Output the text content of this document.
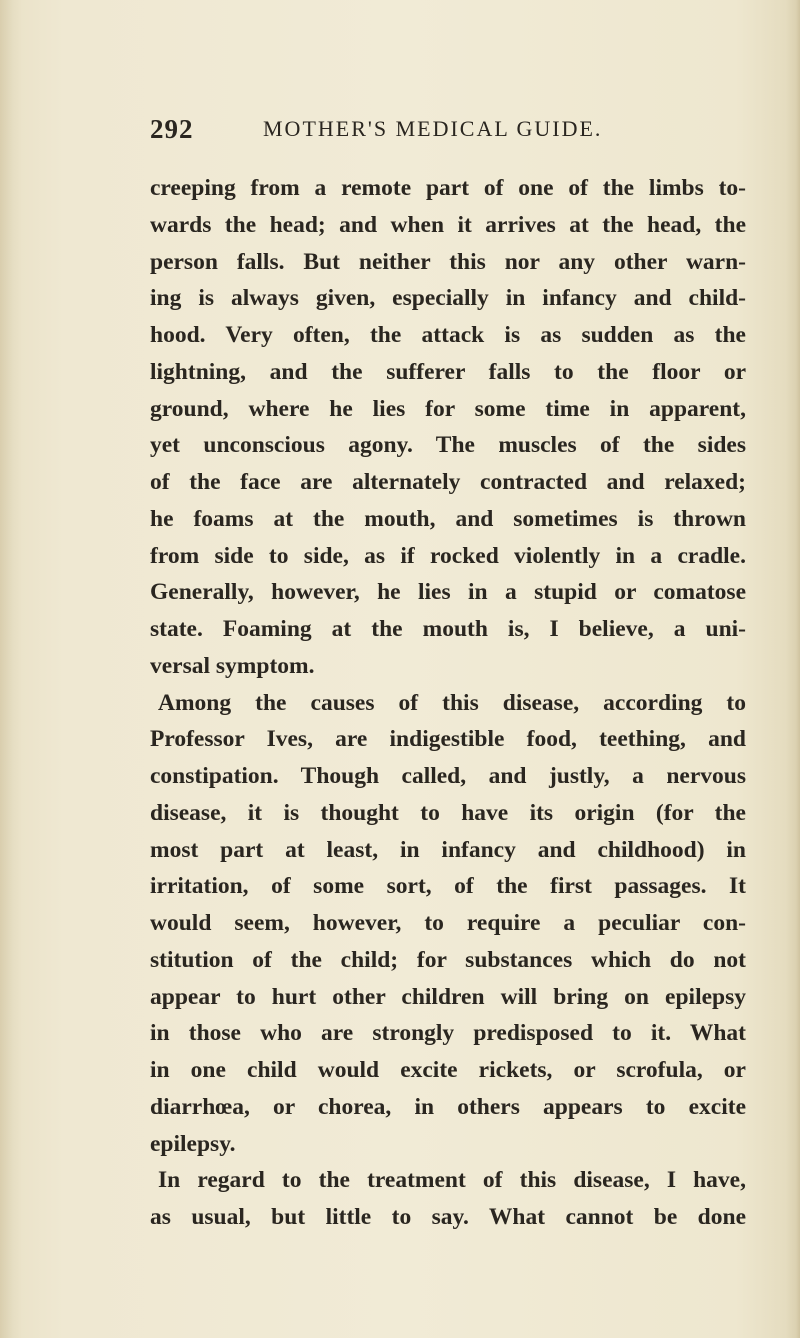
292	MOTHER'S MEDICAL GUIDE.
creeping from a remote part of one of the limbs to-
wards the head; and when it arrives at the head, the
person falls. But neither this nor any other warn-
ing is always given, especially in infancy and child-
hood. Very often, the attack is as sudden as the
lightning, and the sufferer falls to the floor or
ground, where he lies for some time in apparent,
yet unconscious agony. The muscles of the sides
of the face are alternately contracted and relaxed;
he foams at the mouth, and sometimes is thrown
from side to side, as if rocked violently in a cradle.
Generally, however, he lies in a stupid or comatose
state. Foaming at the mouth is, I believe, a uni-
versal symptom.
Among the causes of this disease, according to
Professor Ives, are indigestible food, teething, and
constipation. Though called, and justly, a nervous
disease, it is thought to have its origin (for the
most part at least, in infancy and childhood) in
irritation, of some sort, of the first passages. It
would seem, however, to require a peculiar con-
stitution of the child; for substances which do not
appear to hurt other children will bring on epilepsy
in those who are strongly predisposed to it. What
in one child would excite rickets, or scrofula, or
diarrhœa, or chorea, in others appears to excite
epilepsy.
In regard to the treatment of this disease, I have,
as usual, but little to say. What cannot be done
